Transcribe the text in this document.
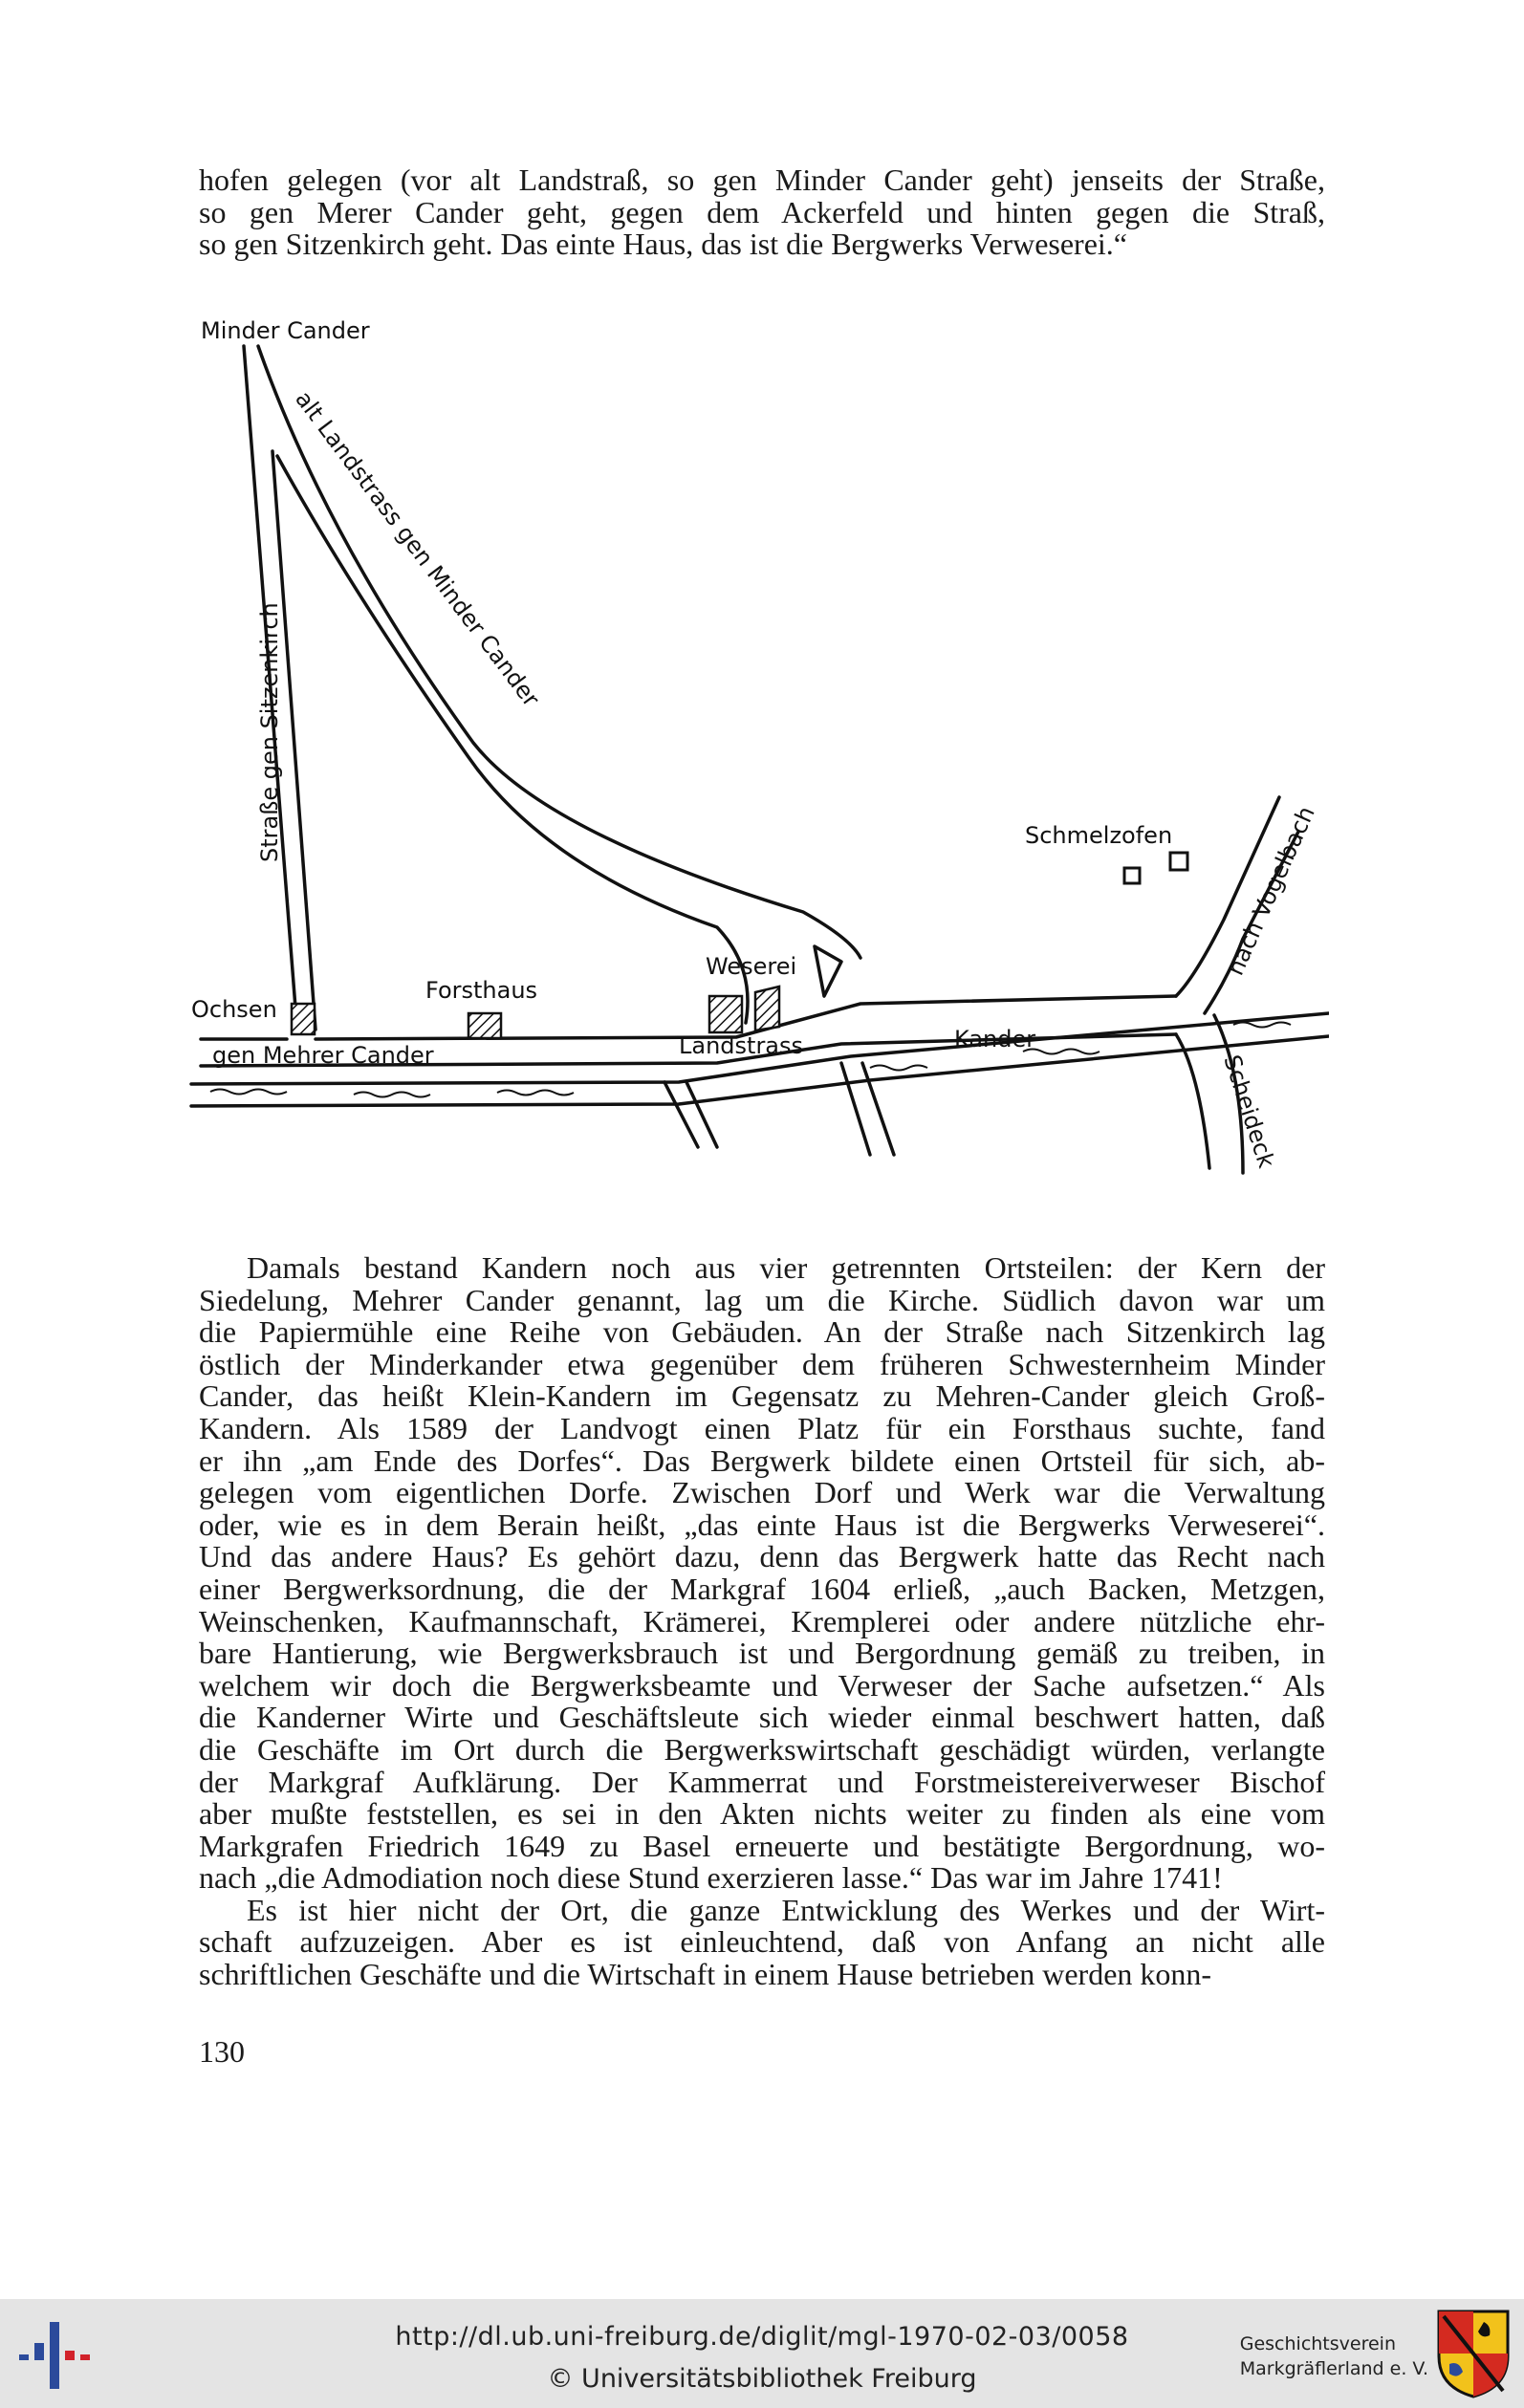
hofen gelegen (vor alt Landstraß, so gen Minder Cander geht) jenseits der Straße,

so gen Merer Cander geht, gegen dem Ackerfeld und hinten gegen die Straß,

so gen Sitzenkirch geht. Das einte Haus, das ist die Bergwerks Verweserei.“

Minder Cander
alt Landstrass gen Minder Cander
Straße gen Sitzenkirch	Schmelzofen nach Vogelbach
Weserei
Forsthaus
Ochsen
gen Mehrer Cander	Landstrass	Kander
Scheideck

Damals bestand Kandern noch aus vier getrennten Ortsteilen: der Kern der

Siedelung, Mehrer Cander genannt, lag um die Kirche. Südlich davon war um

die Papiermühle eine Reihe von Gebäuden. An der Straße nach Sitzenkirch lag

östlich der Minderkander etwa gegenüber dem früheren Schwesternheim Minder

Cander, das heißt Klein-Kandern im Gegensatz zu Mehren-Cander gleich Groß-

Kandern. Als 1589 der Landvogt einen Platz für ein Forsthaus suchte, fand

er ihn „am Ende des Dorfes“. Das Bergwerk bildete einen Ortsteil für sich, ab-

gelegen vom eigentlichen Dorfe. Zwischen Dorf und Werk war die Verwaltung

oder, wie es in dem Berain heißt, „das einte Haus ist die Bergwerks Verweserei“.

Und das andere Haus? Es gehört dazu, denn das Bergwerk hatte das Recht nach

einer Bergwerksordnung, die der Markgraf 1604 erließ, „auch Backen, Metzgen,

Weinschenken, Kaufmannschaft, Krämerei, Kremplerei oder andere nützliche ehr-

bare Hantierung, wie Bergwerksbrauch ist und Bergordnung gemäß zu treiben, in

welchem wir doch die Bergwerksbeamte und Verweser der Sache aufsetzen.“ Als

die Kanderner Wirte und Geschäftsleute sich wieder einmal beschwert hatten, daß

die Geschäfte im Ort durch die Bergwerkswirtschaft geschädigt würden, verlangte

der Markgraf Aufklärung. Der Kammerrat und Forstmeistereiverweser Bischof

aber mußte feststellen, es sei in den Akten nichts weiter zu finden als eine vom

Markgrafen Friedrich 1649 zu Basel erneuerte und bestätigte Bergordnung, wo-

nach „die Admodiation noch diese Stund exerzieren lasse.“ Das war im Jahre 1741!

Es ist hier nicht der Ort, die ganze Entwicklung des Werkes und der Wirt-

schaft aufzuzeigen. Aber es ist einleuchtend, daß von Anfang an nicht alle

schriftlichen Geschäfte und die Wirtschaft in einem Hause betrieben werden konn-

130
http://dl.ub.uni-freiburg.de/diglit/mgl-1970-02-03/0058
© Universitätsbibliothek Freiburg
Geschichtsverein
Markgräflerland e. V.
